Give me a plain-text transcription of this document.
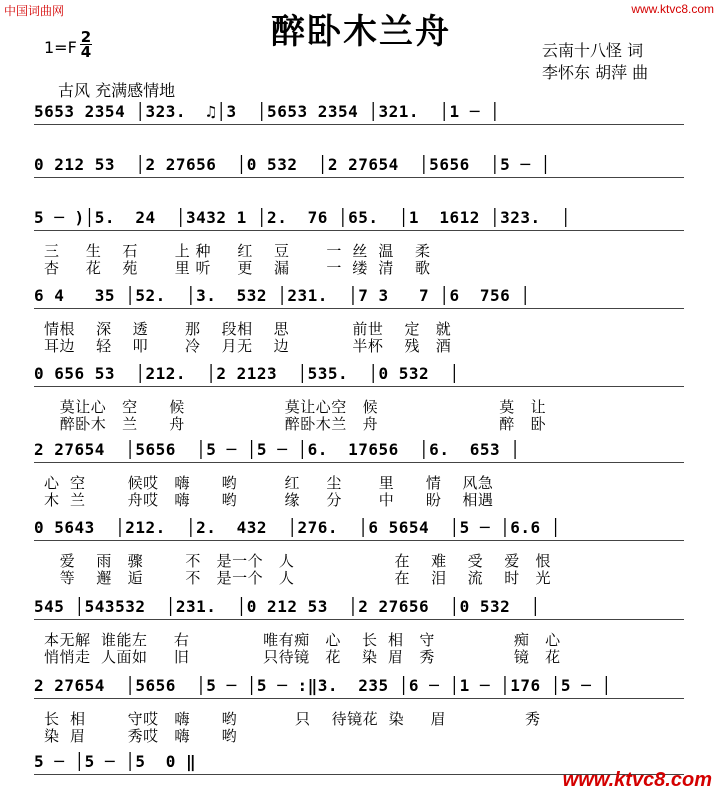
中国词曲网	www.ktvc8.com
醉卧木兰舟
1=F
2
4	云南十八怪 词
李怀东 胡萍 曲
古风 充满感情地
5653 2354 │323.  ♫│3  │5653 2354 │321.  │1 ─ │
0 212 53  │2 27656  │0 532  │2 27654  │5656  │5 ─ │
5 ─ )│5.  24  │3432 1 │2.  76 │65.  │1  1612 │323.  │
三     生    石       上 种     红    豆       一  丝  温    柔
杏     花    苑       里 听     更    漏       一  缕  清    歌
6 4   35 │52.  │3.  532 │231.  │7 3   7 │6  756 │
情根    深    透       那    段相    思            前世    定   就
耳边    轻    叩       冷    月无    边            半杯    残   酒
0 656 53  │212.  │2 2123  │535.  │0 532  │
莫让心   空      候                   莫让心空   候                       莫   让
醉卧木   兰      舟                   醉卧木兰   舟                       醉   卧
2 27654  │5656  │5 ─ │5 ─ │6.  17656  │6.  653 │
心  空        候哎   嗨      哟         红     尘       里      情    风急
木  兰        舟哎   嗨      哟         缘     分       中      盼    相遇
0 5643  │212.  │2.  432  │276.  │6 5654  │5 ─ │6.6 │
爱    雨   骤        不   是一个   人                   在    难    受    爱   恨
等    邂   逅        不   是一个   人                   在    泪    流    时   光
545 │543532  │231.  │0 212 53  │2 27656  │0 532  │
本无解  谁能左     右              唯有痴   心    长  相   守               痴   心
悄悄走  人面如     旧              只待镜   花    染  眉   秀               镜   花
2 27654  │5656  │5 ─ │5 ─ :‖3.  235 │6 ─ │1 ─ │176 │5 ─ │
长  相        守哎   嗨      哟           只    待镜花  染     眉               秀
染  眉        秀哎   嗨      哟
5 ─ │5 ─ │5  0 ‖
www.ktvc8.com
